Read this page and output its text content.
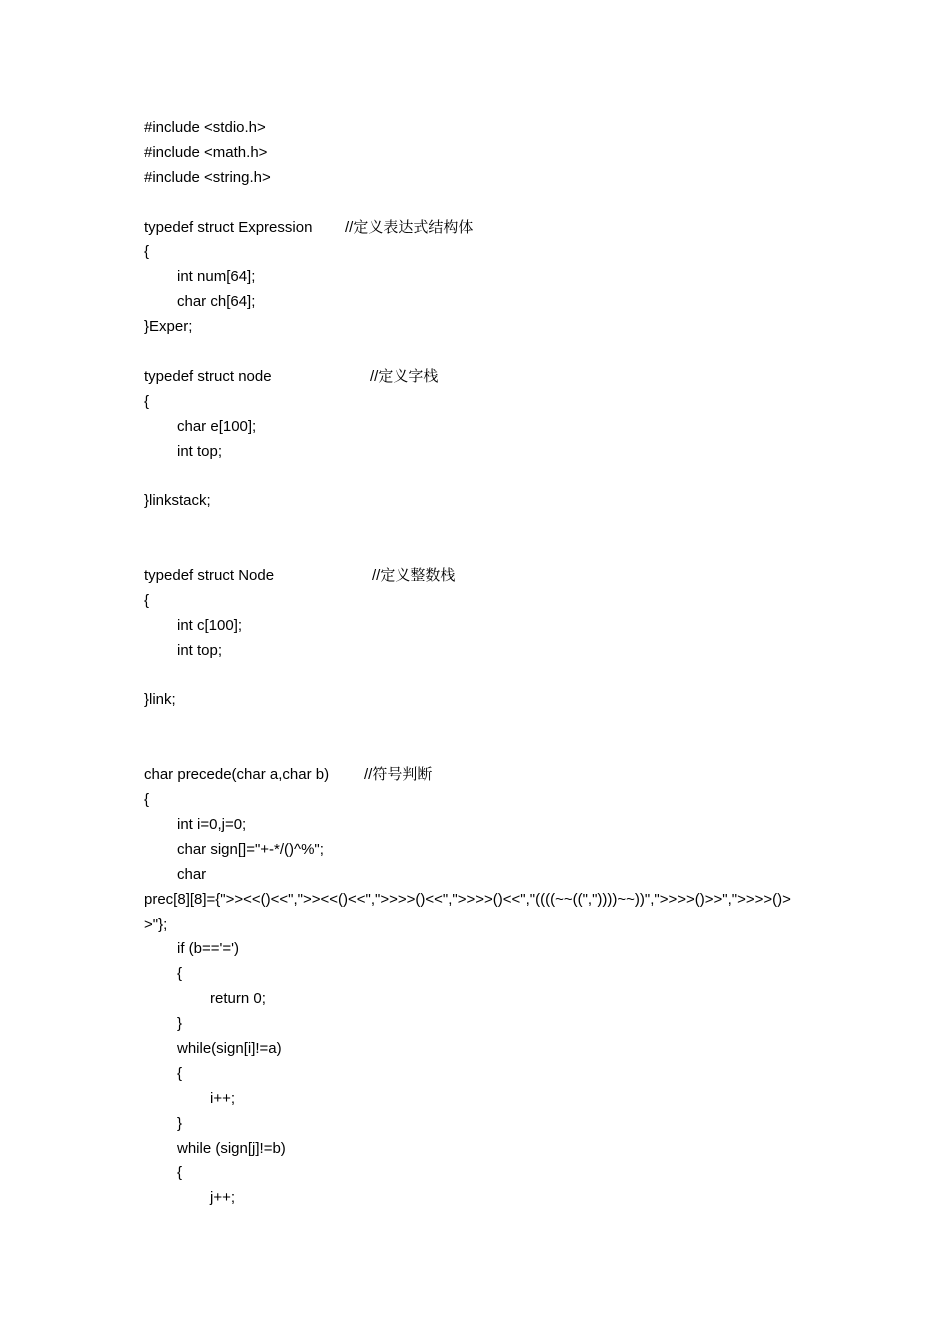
#include <stdio.h>
#include <math.h>
#include <string.h>
typedef struct Expression //定义表达式结构体
{
int num[64];
char ch[64];
}Exper;
typedef struct node	//定义字栈
{
char e[100];
int top;
}linkstack;
typedef struct Node	//定义整数栈
{
int c[100];
int top;
}link;
char precede(char a,char b) //符号判断
{
int i=0,j=0;
char sign[]="+-*/()^%";
char
prec[8][8]={">><<()<<",">><<()<<",">>>>()<<",">>>>()<<","((((~~((","))))~~))",">>>>()>>",">>>>()>
>"};
if (b=='=')
{
return 0;
}
while(sign[i]!=a)
{
i++;
}
while (sign[j]!=b)
{
j++;
